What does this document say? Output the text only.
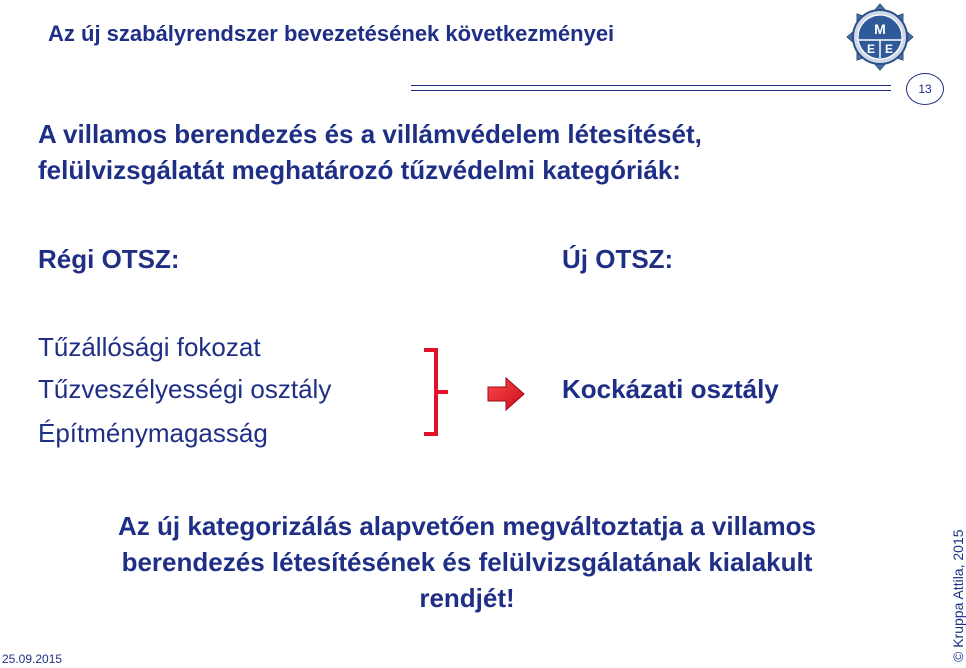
Az új szabályrendszer bevezetésének következményei	M
E E
13
A villamos berendezés és a villámvédelem létesítését,
felülvizsgálatát meghatározó tűzvédelmi kategóriák:
Régi OTSZ:	Új OTSZ:
Tűzállósági fokozat
Tűzveszélyességi osztály
Építménymagasság
Kockázati osztály
Az új kategorizálás alapvetően megváltoztatja a villamos
berendezés létesítésének és felülvizsgálatának kialakult
rendjét!
25.09.2015	© Kruppa Attila, 2015
